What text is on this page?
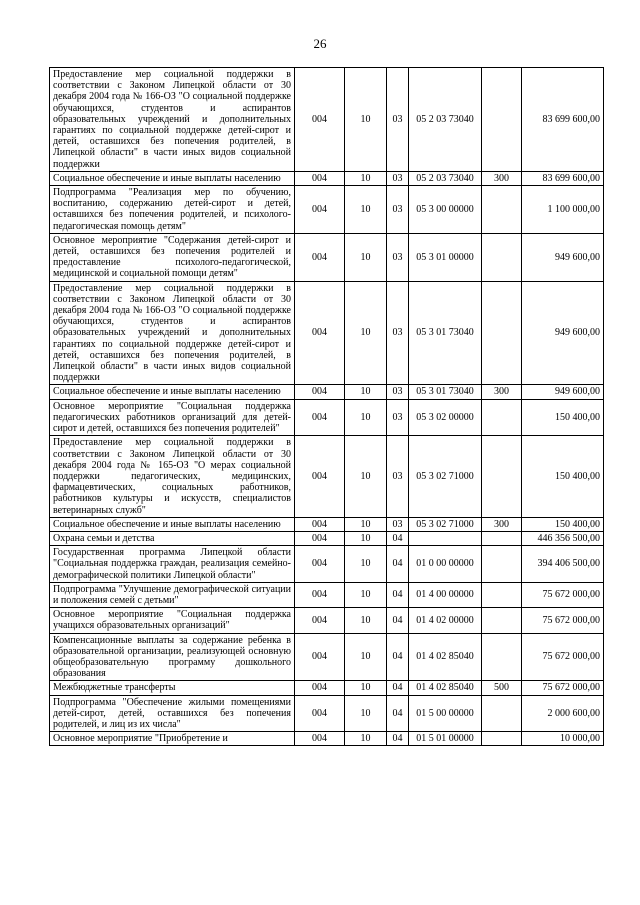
26
Предоставление мер социальной поддержки в соответствии с Законом Липецкой области от 30 декабря 2004 года № 166-ОЗ "О социальной поддержке обучающихся, студентов и аспирантов образовательных учреждений и дополнительных гарантиях по социальной поддержке детей-сирот и детей, оставшихся без попечения родителей, в Липецкой области" в части иных видов социальной поддержки	004	10	03	05 2 03 73040		83 699 600,00
Социальное обеспечение и иные выплаты населению	004	10	03	05 2 03 73040	300	83 699 600,00
Подпрограмма "Реализация мер по обучению, воспитанию, содержанию детей-сирот и детей, оставшихся без попечения родителей, и психолого-педагогическая помощь детям"	004	10	03	05 3 00 00000		1 100 000,00
Основное мероприятие "Содержания детей-сирот и детей, оставшихся без попечения родителей и предоставление психолого-педагогической, медицинской и социальной помощи детям"	004	10	03	05 3 01 00000		949 600,00
Предоставление мер социальной поддержки в соответствии с Законом Липецкой области от 30 декабря 2004 года № 166-ОЗ "О социальной поддержке обучающихся, студентов и аспирантов образовательных учреждений и дополнительных гарантиях по социальной поддержке детей-сирот и детей, оставшихся без попечения родителей, в Липецкой области" в части иных видов социальной поддержки	004	10	03	05 3 01 73040		949 600,00
Социальное обеспечение и иные выплаты населению	004	10	03	05 3 01 73040	300	949 600,00
Основное мероприятие "Социальная поддержка педагогических работников организаций для детей-сирот и детей, оставшихся без попечения родителей"	004	10	03	05 3 02 00000		150 400,00
Предоставление мер социальной поддержки в соответствии с Законом Липецкой области от 30 декабря 2004 года № 165-ОЗ "О мерах социальной поддержки педагогических, медицинских, фармацевтических, социальных работников, работников культуры и искусств, специалистов ветеринарных служб"	004	10	03	05 3 02 71000		150 400,00
Социальное обеспечение и иные выплаты населению	004	10	03	05 3 02 71000	300	150 400,00
Охрана семьи и детства	004	10	04			446 356 500,00
Государственная программа Липецкой области "Социальная поддержка граждан, реализация семейно-демографической политики Липецкой области"	004	10	04	01 0 00 00000		394 406 500,00
Подпрограмма "Улучшение демографической ситуации и положения семей с детьми"	004	10	04	01 4 00 00000		75 672 000,00
Основное мероприятие "Социальная поддержка учащихся образовательных организаций"	004	10	04	01 4 02 00000		75 672 000,00
Компенсационные выплаты за содержание ребенка в образовательной организации, реализующей основную общеобразовательную программу дошкольного образования	004	10	04	01 4 02 85040		75 672 000,00
Межбюджетные трансферты	004	10	04	01 4 02 85040	500	75 672 000,00
Подпрограмма "Обеспечение жилыми помещениями детей-сирот, детей, оставшихся без попечения родителей, и лиц из их числа"	004	10	04	01 5 00 00000		2 000 600,00
Основное мероприятие "Приобретение и	004	10	04	01 5 01 00000		10 000,00
